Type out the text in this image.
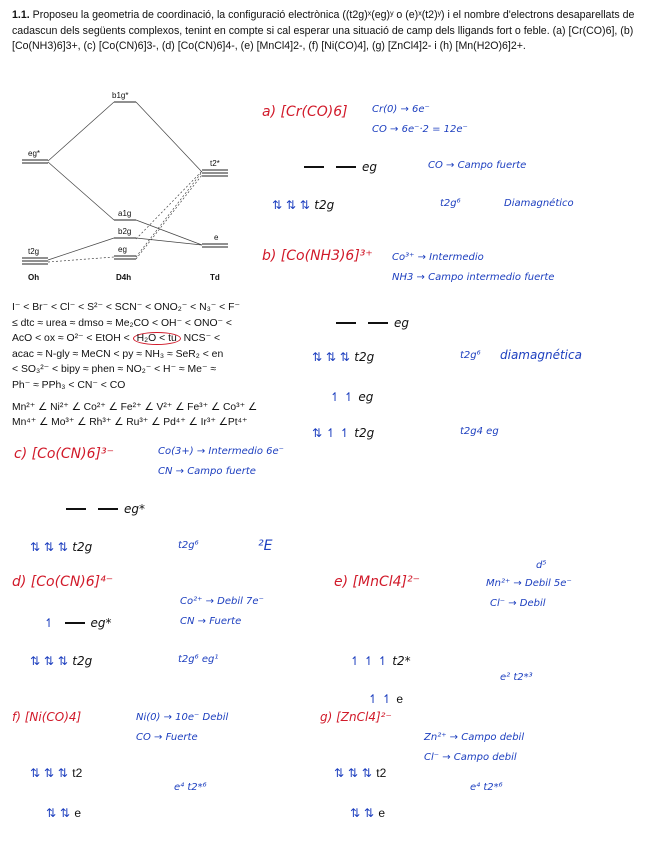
1.1. Proposeu la geometria de coordinació, la configuració electrònica ((t2g)ˣ(eg)ʸ o (e)ˣ(t2)ʸ) i el nombre d'electrons desaparellats de cadascun dels següents complexos, tenint en compte si cal esperar una situació de camp dels lligands fort o feble. (a) [Cr(CO)6], (b) [Co(NH3)6]3+, (c) [Co(CN)6]3-, (d) [Co(CN)6]4-, (e) [MnCl4]2-, (f) [Ni(CO)4], (g) [ZnCl4]2- i (h) [Mn(H2O)6]2+.
b1g*
eg*
t2*
a1g
b2g
eg
e
t2g
Oh	D4h	Td
I⁻ < Br⁻ < Cl⁻ < S²⁻ < SCN⁻ < ONO₂⁻ < N₃⁻ < F⁻
≤ dtc ≈ urea ≈ dmso ≈ Me₂CO < OH⁻ < ONO⁻ <
AcO < ox ≈ O²⁻ < EtOH < H₂O < tu NCS⁻ <
acac ≈ N-gly ≈ MeCN < py ≈ NH₃ ≈ SeR₂ < en
< SO₃²⁻ < bipy ≈ phen ≈ NO₂⁻ < H⁻ ≈ Me⁻ ≈
Ph⁻ ≈ PPh₃ < CN⁻ < CO
Mn²⁺ ∠ Ni²⁺ ∠ Co²⁺ ∠ Fe²⁺ ∠ V²⁺ ∠ Fe³⁺ ∠ Co³⁺ ∠
Mn⁴⁺ ∠ Mo³⁺ ∠ Rh³⁺ ∠ Ru³⁺ ∠ Pd⁴⁺ ∠ Ir³⁺ ∠Pt⁴⁺
a) [Cr(CO)6] Cr(0) → 6e⁻
CO → 6e⁻·2 = 12e⁻
eg	CO → Campo fuerte
⇅ ⇅ ⇅ t2g	t2g⁶	Diamagnético
b) [Co(NH3)6]³⁺ Co³⁺ → Intermedio
NH3 → Campo intermedio fuerte
eg
⇅ ⇅ ⇅ t2g	t2g⁶ diamagnética
↿ ↿ eg
⇅ ↿ ↿ t2g	t2g4 eg
c) [Co(CN)6]³⁻	Co(3+) → Intermedio 6e⁻
CN → Campo fuerte
eg*
⇅ ⇅ ⇅ t2g	t2g⁶	²E
d) [Co(CN)6]⁴⁻
Co²⁺ → Debil 7e⁻
CN → Fuerte
↿	eg*
⇅ ⇅ ⇅ t2g	t2g⁶ eg¹
e) [MnCl4]²⁻
d⁵
Mn²⁺ → Debil 5e⁻
Cl⁻ → Debil
↿ ↿ ↿ t2*
e² t2*³
↿ ↿ e
f) [Ni(CO)4]	Ni(0) → 10e⁻ Debil
CO → Fuerte
⇅ ⇅ ⇅ t2
e⁴ t2*⁶
⇅ ⇅ e
g) [ZnCl4]²⁻
Zn²⁺ → Campo debil
Cl⁻ → Campo debil
⇅ ⇅ ⇅ t2
e⁴ t2*⁶
⇅ ⇅ e
